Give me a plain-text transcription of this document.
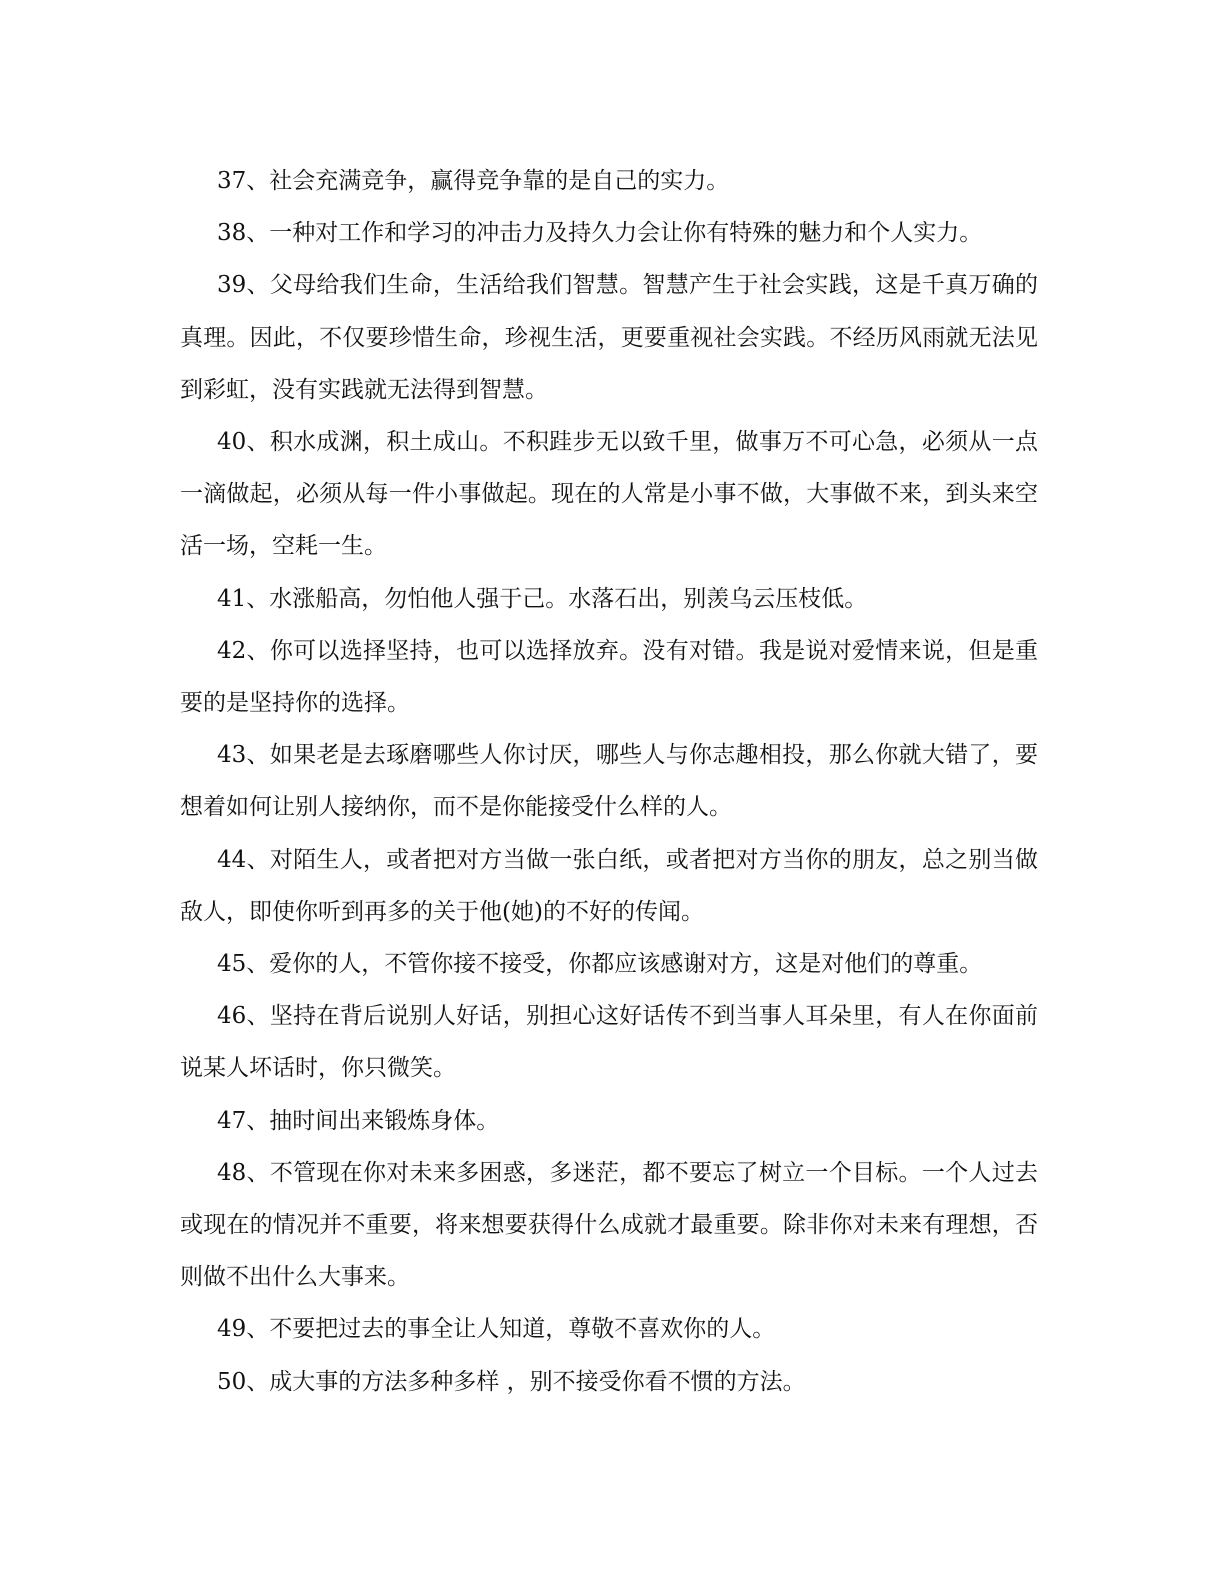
37、社会充满竞争，赢得竞争靠的是自己的实力。

38、一种对工作和学习的冲击力及持久力会让你有特殊的魅力和个人实力。

39、父母给我们生命，生活给我们智慧。智慧产生于社会实践，这是千真万确的真理。因此，不仅要珍惜生命，珍视生活，更要重视社会实践。不经历风雨就无法见到彩虹，没有实践就无法得到智慧。

40、积水成渊，积土成山。不积跬步无以致千里，做事万不可心急，必须从一点一滴做起，必须从每一件小事做起。现在的人常是小事不做，大事做不来，到头来空活一场，空耗一生。

41、水涨船高，勿怕他人强于己。水落石出，别羡乌云压枝低。

42、你可以选择坚持，也可以选择放弃。没有对错。我是说对爱情来说，但是重要的是坚持你的选择。

43、如果老是去琢磨哪些人你讨厌，哪些人与你志趣相投，那么你就大错了，要想着如何让别人接纳你，而不是你能接受什么样的人。

44、对陌生人，或者把对方当做一张白纸，或者把对方当你的朋友，总之别当做敌人，即使你听到再多的关于他(她)的不好的传闻。

45、爱你的人，不管你接不接受，你都应该感谢对方，这是对他们的尊重。

46、坚持在背后说别人好话，别担心这好话传不到当事人耳朵里，有人在你面前说某人坏话时，你只微笑。

47、抽时间出来锻炼身体。

48、不管现在你对未来多困惑，多迷茫，都不要忘了树立一个目标。一个人过去或现在的情况并不重要，将来想要获得什么成就才最重要。除非你对未来有理想，否则做不出什么大事来。

49、不要把过去的事全让人知道，尊敬不喜欢你的人。

50、成大事的方法多种多样 ，别不接受你看不惯的方法。
